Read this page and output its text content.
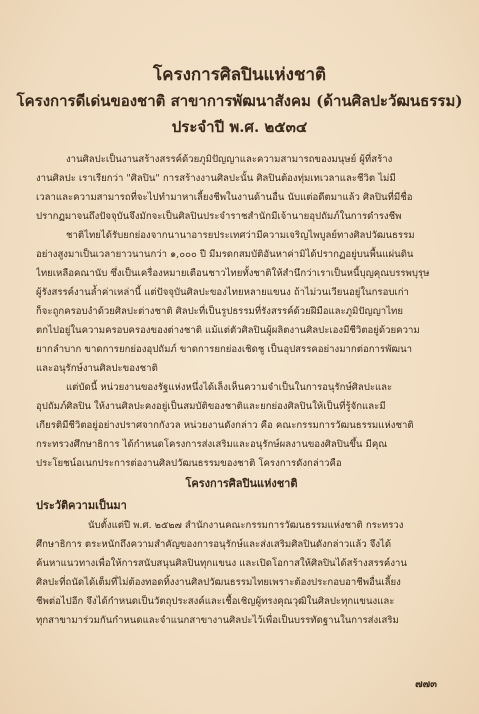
โครงการศิลปินแห่งชาติ
โครงการดีเด่นของชาติ สาขาการพัฒนาสังคม (ด้านศิลปะวัฒนธรรม)
ประจำปี พ.ศ. ๒๕๓๔
งานศิลปะเป็นงานสร้างสรรค์ด้วยภูมิปัญญาและความสามารถของมนุษย์ ผู้ที่สร้าง
งานศิลปะ เราเรียกว่า "ศิลปิน" การสร้างงานศิลปะนั้น ศิลปินต้องทุ่มเทเวลาและชีวิต ไม่มี
เวลาและความสามารถที่จะไปทำมาหาเลี้ยงชีพในงานด้านอื่น นับแต่อดีตมาแล้ว ศิลปินที่มีชื่อ
ปรากฏมาจนถึงปัจจุบันจึงมักจะเป็นศิลปินประจำราชสำนักมีเจ้านายอุปถัมภ์ในการดำรงชีพ
ชาติไทยได้รับยกย่องจากนานาอารยประเทศว่ามีความเจริญไพบูลย์ทางศิลปวัฒนธรรม
อย่างสูงมาเป็นเวลายาวนานกว่า ๑,๐๐๐ ปี มีมรดกสมบัติอันหาค่ามิได้ปรากฏอยู่บนพื้นแผ่นดิน
ไทยเหลือคณานับ ซึ่งเป็นเครื่องหมายเตือนชาวไทยทั้งชาติให้สำนึกว่าเราเป็นหนี้บุญคุณบรรพบุรุษ
ผู้รังสรรค์งานล้ำค่าเหล่านี้ แต่ปัจจุบันศิลปะของไทยหลายแขนง ถ้าไม่วนเวียนอยู่ในกรอบเก่า
ก็จะถูกครอบงำด้วยศิลปะต่างชาติ ศิลปะที่เป็นรูปธรรมที่รังสรรค์ด้วยฝีมือและภูมิปัญญาไทย
ตกไปอยู่ในความครอบครองของต่างชาติ แม้แต่ตัวศิลปินผู้ผลิตงานศิลปะเองมีชีวิตอยู่ด้วยความ
ยากลำบาก ขาดการยกย่องอุปถัมภ์ ขาดการยกย่องเชิดชู เป็นอุปสรรคอย่างมากต่อการพัฒนา
และอนุรักษ์งานศิลปะของชาติ
แต่บัดนี้ หน่วยงานของรัฐแห่งหนึ่งได้เล็งเห็นความจำเป็นในการอนุรักษ์ศิลปะและ
อุปถัมภ์ศิลปิน ให้งานศิลปะคงอยู่เป็นสมบัติของชาติและยกย่องศิลปินให้เป็นที่รู้จักและมี
เกียรติมีชีวิตอยู่อย่างปราศจากกังวล หน่วยงานดังกล่าว คือ คณะกรรมการวัฒนธรรมแห่งชาติ
กระทรวงศึกษาธิการ ได้กำหนดโครงการส่งเสริมและอนุรักษ์ผลงานของศิลปินขึ้น มีคุณ
ประโยชน์อเนกประการต่องานศิลปวัฒนธรรมของชาติ โครงการดังกล่าวคือ
โครงการศิลปินแห่งชาติ
ประวัติความเป็นมา
นับตั้งแต่ปี พ.ศ. ๒๕๒๗ สำนักงานคณะกรรมการวัฒนธรรมแห่งชาติ กระทรวง
ศึกษาธิการ ตระหนักถึงความสำคัญของการอนุรักษ์และส่งเสริมศิลปินดังกล่าวแล้ว จึงได้
ค้นหาแนวทางเพื่อให้การสนับสนุนศิลปินทุกแขนง และเปิดโอกาสให้ศิลปินได้สร้างสรรค์งาน
ศิลปะที่ถนัดได้เต็มที่ไม่ต้องทอดทิ้งงานศิลปวัฒนธรรมไทยเพราะต้องประกอบอาชีพอื่นเลี้ยง
ชีพต่อไปอีก จึงได้กำหนดเป็นวัตถุประสงค์และเชื้อเชิญผู้ทรงคุณวุฒิในศิลปะทุกแขนงและ
ทุกสาขามาร่วมกันกำหนดและจำแนกสาขางานศิลปะไว้เพื่อเป็นบรรทัดฐานในการส่งเสริม
๗๗๓
